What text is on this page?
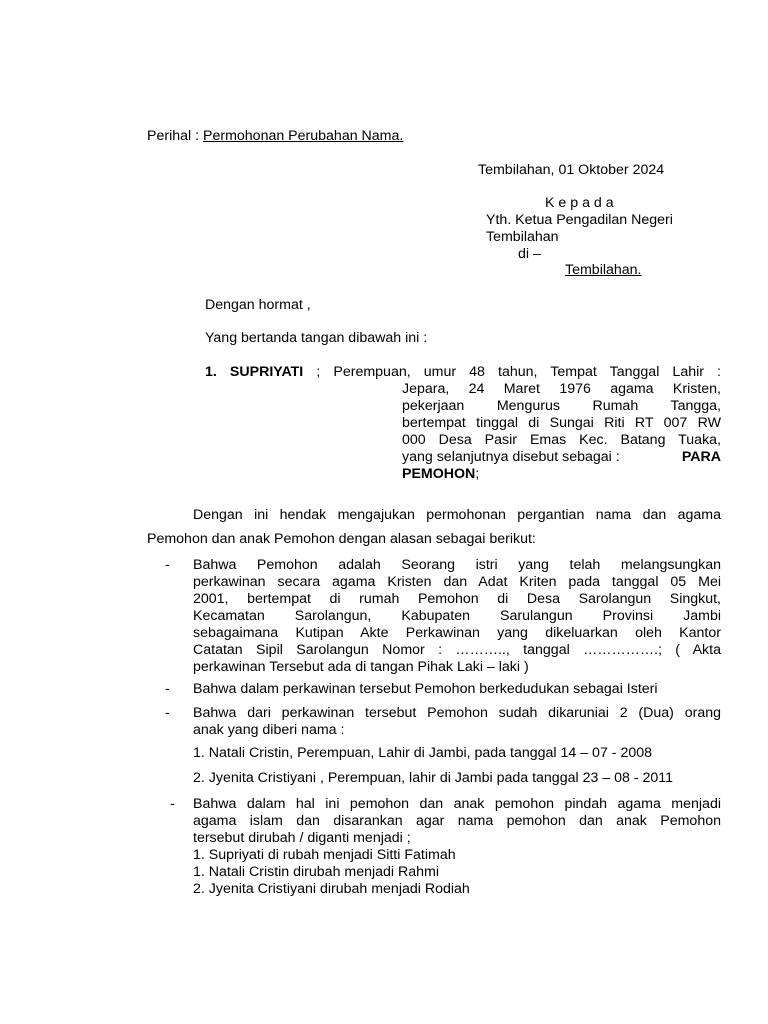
Perihal : Permohonan Perubahan Nama.
Tembilahan, 01 Oktober 2024
K e p a d a
Yth. Ketua Pengadilan Negeri
Tembilahan
di –
Tembilahan.
Dengan hormat ,
Yang bertanda tangan dibawah ini :
1. SUPRIYATI ; Perempuan, umur 48 tahun, Tempat Tanggal Lahir :
Jepara, 24 Maret 1976 agama Kristen,
pekerjaan Mengurus Rumah Tangga,
bertempat tinggal di Sungai Riti RT 007 RW
000 Desa Pasir Emas Kec. Batang Tuaka,
yang selanjutnya disebut sebagai :	PARA
PEMOHON;
Dengan ini hendak mengajukan permohonan pergantian nama dan agama
Pemohon dan anak Pemohon dengan alasan sebagai berikut:
- Bahwa Pemohon adalah Seorang istri yang telah melangsungkan
perkawinan secara agama Kristen dan Adat Kriten pada tanggal 05 Mei
2001, bertempat di rumah Pemohon di Desa Sarolangun Singkut,
Kecamatan Sarolangun, Kabupaten Sarulangun Provinsi Jambi
sebagaimana Kutipan Akte Perkawinan yang dikeluarkan oleh Kantor
Catatan Sipil Sarolangun Nomor : ……….., tanggal …………….; ( Akta
perkawinan Tersebut ada di tangan Pihak Laki – laki )
- Bahwa dalam perkawinan tersebut Pemohon berkedudukan sebagai Isteri
- Bahwa dari perkawinan tersebut Pemohon sudah dikaruniai 2 (Dua) orang
anak yang diberi nama :
1. Natali Cristin, Perempuan, Lahir di Jambi, pada tanggal 14 – 07 - 2008
2. Jyenita Cristiyani , Perempuan, lahir di Jambi pada tanggal 23 – 08 - 2011
- Bahwa dalam hal ini pemohon dan anak pemohon pindah agama menjadi
agama islam dan disarankan agar nama pemohon dan anak Pemohon
tersebut dirubah / diganti menjadi ;
1. Supriyati di rubah menjadi Sitti Fatimah
1. Natali Cristin dirubah menjadi Rahmi
2. Jyenita Cristiyani dirubah menjadi Rodiah
